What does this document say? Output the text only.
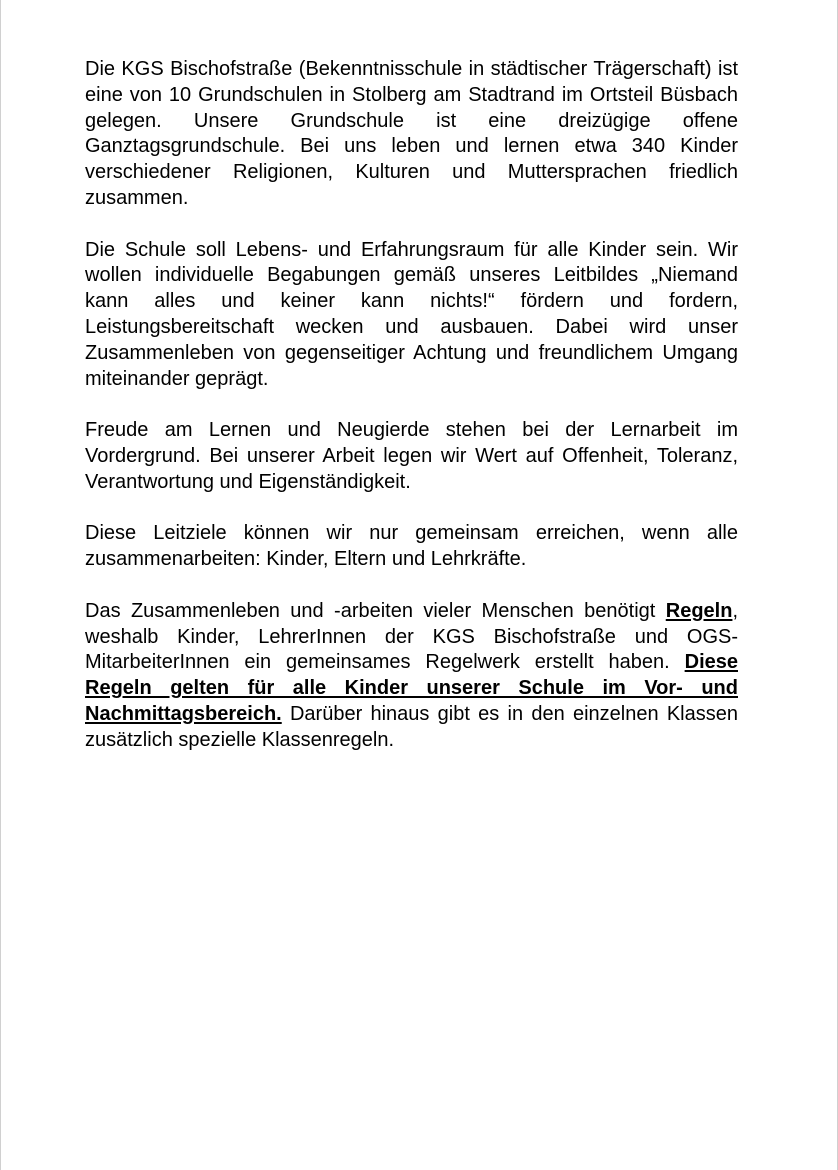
Die KGS Bischofstraße (Bekenntnisschule in städtischer Trägerschaft) ist eine von 10 Grundschulen in Stolberg am Stadtrand im Ortsteil Büsbach gelegen. Unsere Grundschule ist eine dreizügige offene Ganztagsgrundschule. Bei uns leben und lernen etwa 340 Kinder verschiedener Religionen, Kulturen und Muttersprachen friedlich zusammen.

Die Schule soll Lebens- und Erfahrungsraum für alle Kinder sein. Wir wollen individuelle Begabungen gemäß unseres Leitbildes „Niemand kann alles und keiner kann nichts!“ fördern und fordern, Leistungsbereitschaft wecken und ausbauen. Dabei wird unser Zusammenleben von gegenseitiger Achtung und freundlichem Umgang miteinander geprägt.

Freude am Lernen und Neugierde stehen bei der Lernarbeit im Vordergrund. Bei unserer Arbeit legen wir Wert auf Offenheit, Toleranz, Verantwortung und Eigenständigkeit.

Diese Leitziele können wir nur gemeinsam erreichen, wenn alle zusammenarbeiten: Kinder, Eltern und Lehrkräfte.

Das Zusammenleben und -arbeiten vieler Menschen benötigt Regeln, weshalb Kinder, LehrerInnen der KGS Bischofstraße und OGS-MitarbeiterInnen ein gemeinsames Regelwerk erstellt haben. Diese Regeln gelten für alle Kinder unserer Schule im Vor- und Nachmittagsbereich. Darüber hinaus gibt es in den einzelnen Klassen zusätzlich spezielle Klassenregeln.
